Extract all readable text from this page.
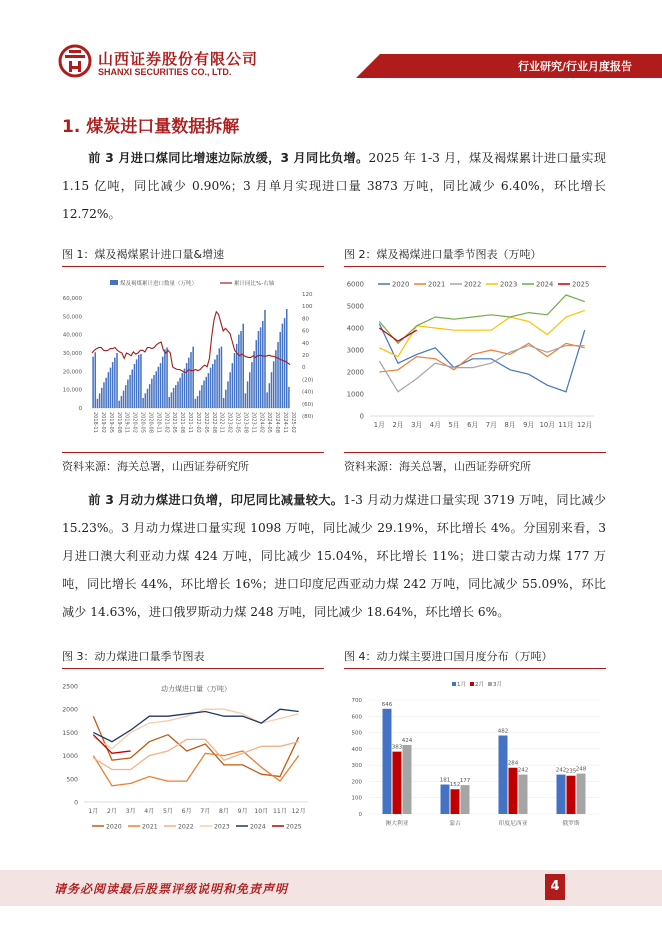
山西证券股份有限公司
SHANXI SECURITIES CO., LTD.	行业研究/行业月度报告
1. 煤炭进口量数据拆解
前 3 月进口煤同比增速边际放缓，3 月同比负增。2025 年 1-3 月，煤及褐煤累计进口量实现 1.15 亿吨，同比减少 0.90%；3 月单月实现进口量 3873 万吨，同比减少 6.40%，环比增长 12.72%。
图 1：煤及褐煤累计进口量&增速
煤及褐煤累计进口数量（万吨）	累计同比%-右轴
60,000
50,000
40,000
30,000
20,000
10,000
0
120
100
80
60
40
20
0
(20)
(40)
(60)
(80)
2018-11 2019-02 2019-05 2019-08 2019-11 2020-02 2020-05 2020-08 2020-11 2021-02 2021-05 2021-08 2021-11 2022-02 2022-05 2022-08 2022-11 2023-02 2023-05 2023-08 2023-11 2024-02 2024-05 2024-08 2024-11 2025-02
资料来源：海关总署，山西证券研究所
图 2：煤及褐煤进口量季节图表（万吨）
6000
5000
4000
3000
2000
1000
0
1月 2月 3月 4月 5月 6月 7月 8月 9月 10月 11月 12月
2020	2021	2022	2023	2024	2025
资料来源：海关总署，山西证券研究所
前 3 月动力煤进口负增，印尼同比减量较大。1-3 月动力煤进口量实现 3719 万吨，同比减少 15.23%。3 月动力煤进口量实现 1098 万吨，同比减少 29.19%，环比增长 4%。分国别来看，3 月进口澳大利亚动力煤 424 万吨，同比减少 15.04%，环比增长 11%；进口蒙古动力煤 177 万吨，同比增长 44%，环比增长 16%；进口印度尼西亚动力煤 242 万吨，同比减少 55.09%，环比减少 14.63%，进口俄罗斯动力煤 248 万吨，同比减少 18.64%，环比增长 6%。
图 3：动力煤进口量季节图表
动力煤进口量（万吨）
2500
2000
1500
1000
500
0
1月 2月 3月 4月 5月 6月 7月 8月 9月 10月 11月 12月
2020	2021	2022	2023	2024	2025
图 4：动力煤主要进口国月度分布（万吨）
700
600
500
400
300
200
100
0
1月 2月 3月
646
383
424
澳大利亚
181
152
177
蒙古
482
284
242
印度尼西亚
242 235 248
俄罗斯
请务必阅读最后股票评级说明和免责声明	4
